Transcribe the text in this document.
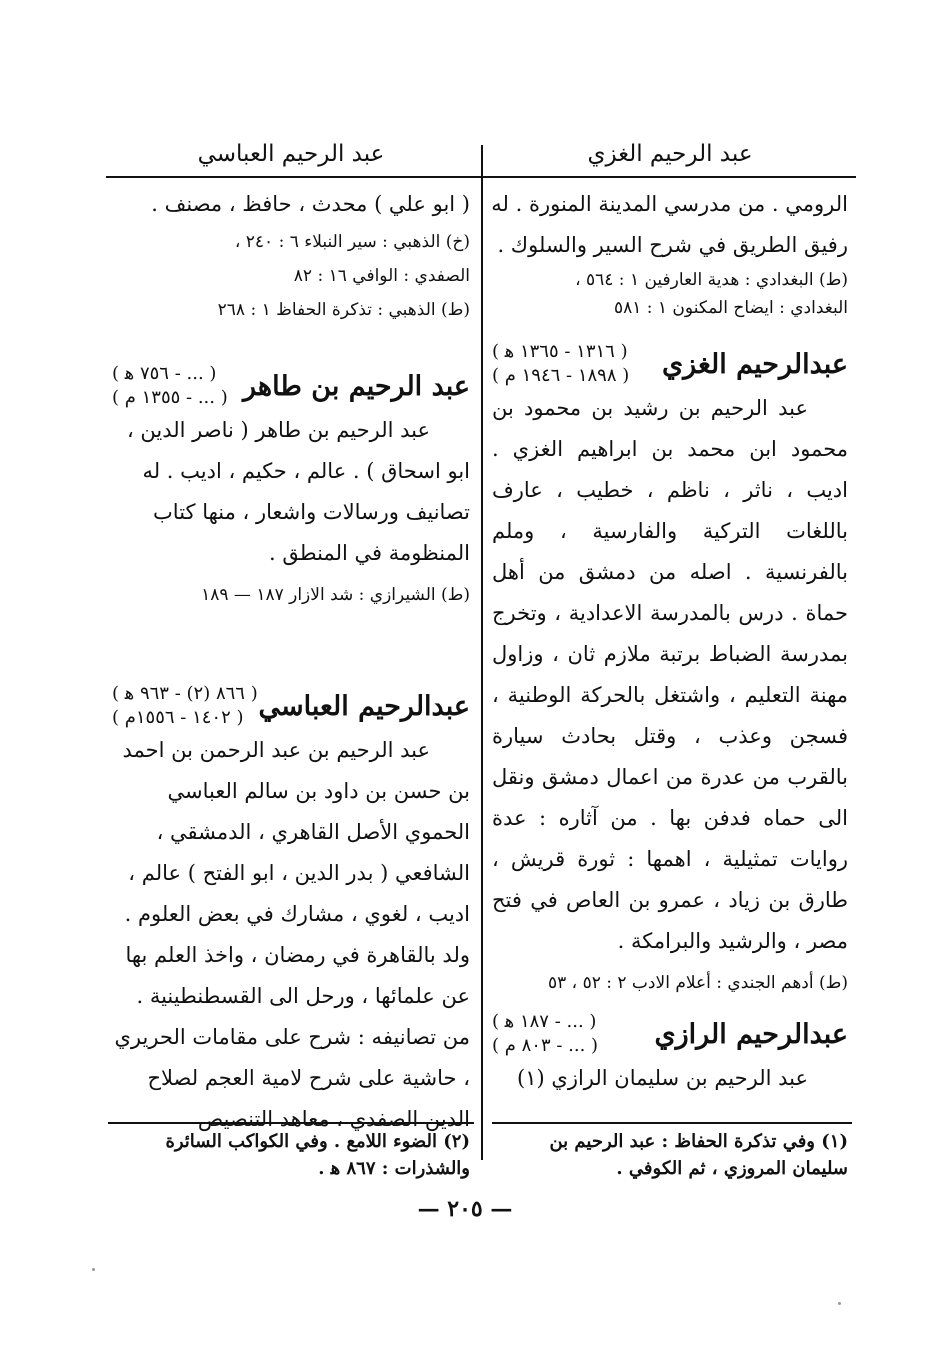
عبد الرحيم الغزي
عبد الرحيم العباسي
الرومي . من مدرسي المدينة المنورة . له
رفيق الطريق في شرح السير والسلوك .
(ط) البغدادي : هدية العارفين ١ : ٥٦٤ ،
البغدادي : ايضاح المكنون ١ : ٥٨١
عبدالرحيم الغزي
( ١٣١٦ - ١٣٦٥ ﻫ )
( ١٨٩٨ - ١٩٤٦ م )
عبد الرحيم بن رشيد بن محمود بن محمود ابن محمد بن ابراهيم الغزي . اديب ، ناثر ، ناظم ، خطيب ، عارف باللغات التركية والفارسية ، وملم بالفرنسية . اصله من دمشق من أهل حماة . درس بالمدرسة الاعدادية ، وتخرج بمدرسة الضباط برتبة ملازم ثان ، وزاول مهنة التعليم ، واشتغل بالحركة الوطنية ، فسجن وعذب ، وقتل بحادث سيارة بالقرب من عدرة من اعمال دمشق ونقل الى حماه فدفن بها . من آثاره : عدة روايات تمثيلية ، اهمها : ثورة قريش ، طارق بن زياد ، عمرو بن العاص في فتح مصر ، والرشيد والبرامكة .
(ط) أدهم الجندي : أعلام الادب ٢ : ٥٢ ، ٥٣
عبدالرحيم الرازي
( ... - ١٨٧ ﻫ )
( ... - ٨٠٣ م )
عبد الرحيم بن سليمان الرازي (١)
(١) وفي تذكرة الحفاظ : عبد الرحيم بن سليمان المروزي ، ثم الكوفي .
( ابو علي ) محدث ، حافظ ، مصنف .
(خ) الذهبي : سير النبلاء ٦ : ٢٤٠ ،
الصفدي : الوافي ١٦ : ٨٢
(ط) الذهبي : تذكرة الحفاظ ١ : ٢٦٨
عبد الرحيم بن طاهر
( ... - ٧٥٦ ﻫ )
( ... - ١٣٥٥ م )
عبد الرحيم بن طاهر ( ناصر الدين ، ابو اسحاق ) . عالم ، حكيم ، اديب . له تصانيف ورسالات واشعار ، منها كتاب المنظومة في المنطق .
(ط) الشيرازي : شد الازار ١٨٧ — ١٨٩
عبدالرحيم العباسي
( ٨٦٦ (٢) - ٩٦٣ ﻫ )
( ١٤٠٢ - ١٥٥٦م )
عبد الرحيم بن عبد الرحمن بن احمد بن حسن بن داود بن سالم العباسي الحموي الأصل القاهري ، الدمشقي ، الشافعي ( بدر الدين ، ابو الفتح ) عالم ، اديب ، لغوي ، مشارك في بعض العلوم . ولد بالقاهرة في رمضان ، واخذ العلم بها عن علمائها ، ورحل الى القسطنطينية . من تصانيفه : شرح على مقامات الحريري ، حاشية على شرح لامية العجم لصلاح الدين الصفدي ، معاهد التنصيص
(٢) الضوء اللامع . وفي الكواكب السائرة والشذرات : ٨٦٧ ﻫ .
— ٢٠٥ —
